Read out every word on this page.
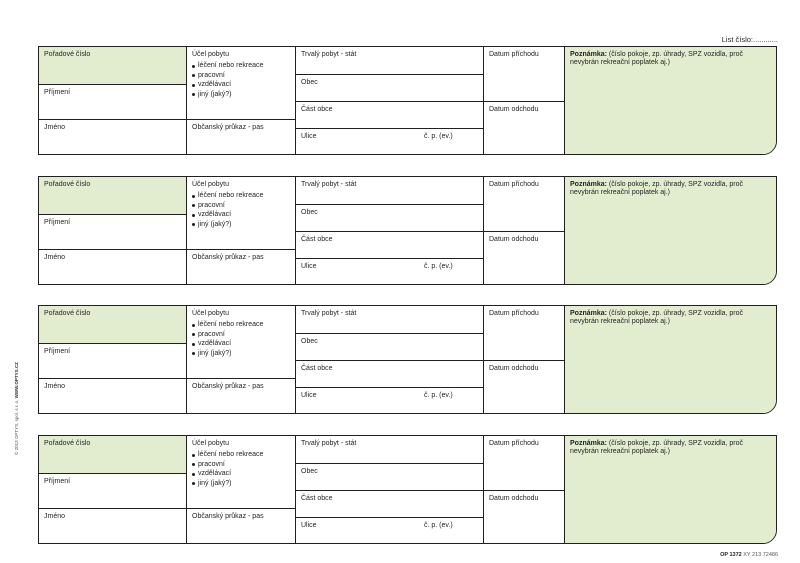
List číslo:............
Pořadové číslo
Příjmení
Jméno
Účel pobytu
léčení nebo rekreace
pracovní
vzdělávací
jiný (jaký?)
Občanský průkaz - pas
Trvalý pobyt - stát
Obec
Část obce
Ulice	č. p. (ev.)
Datum příchodu
Datum odchodu
Poznámka: (číslo pokoje, zp. úhrady, SPZ vozidla, proč nevybrán rekreační poplatek aj.)
Pořadové číslo
Příjmení
Jméno
Účel pobytu
léčení nebo rekreace
pracovní
vzdělávací
jiný (jaký?)
Občanský průkaz - pas
Trvalý pobyt - stát
Obec
Část obce
Ulice	č. p. (ev.)
Datum příchodu
Datum odchodu
Poznámka: (číslo pokoje, zp. úhrady, SPZ vozidla, proč nevybrán rekreační poplatek aj.)
Pořadové číslo
Příjmení
Jméno
Účel pobytu
léčení nebo rekreace
pracovní
vzdělávací
jiný (jaký?)
Občanský průkaz - pas
Trvalý pobyt - stát
Obec
Část obce
Ulice	č. p. (ev.)
Datum příchodu
Datum odchodu
Poznámka: (číslo pokoje, zp. úhrady, SPZ vozidla, proč nevybrán rekreační poplatek aj.)
Pořadové číslo
Příjmení
Jméno
Účel pobytu
léčení nebo rekreace
pracovní
vzdělávací
jiný (jaký?)
Občanský průkaz - pas
Trvalý pobyt - stát
Obec
Část obce
Ulice	č. p. (ev.)
Datum příchodu
Datum odchodu
Poznámka: (číslo pokoje, zp. úhrady, SPZ vozidla, proč nevybrán rekreační poplatek aj.)
© 2013 OPTYS, spol. s r. o. WWW.OPTYS.CZ
OP 1372 XY 213 72486
